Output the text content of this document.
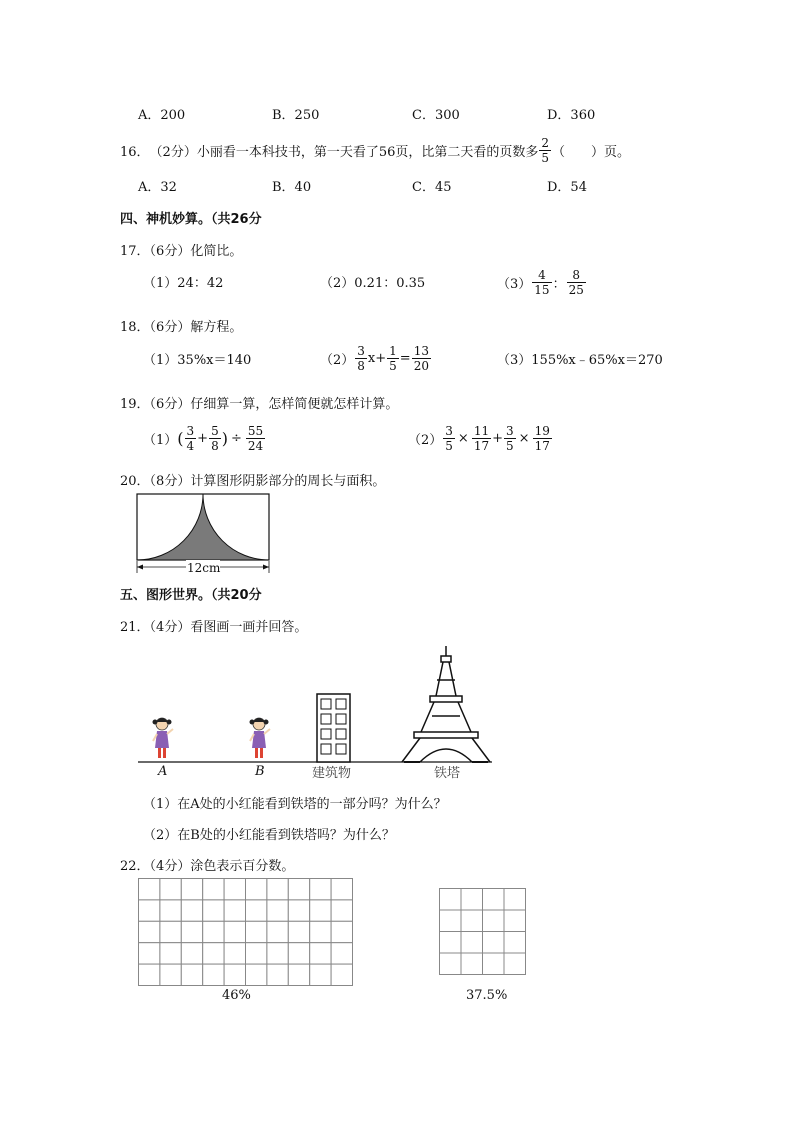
A．200	B．250	C．300	D．360
16． （2分） 小丽看一本科技书，第一天看了56页，比第二天看的页数多 $\frac{2}{5}$ （　　）页。
A．32	B．40	C．45	D．54
四、神机妙算。（共26分
17．（6分）化简比。
（1）24：42	（2）0.21：0.35	$(3) \frac{4}{15}$ ： $\frac{8}{25}$
18．（6分）解方程。
（1）35%x＝140	$(2) \frac{3}{8} x+ \frac{1}{5} = \frac{13}{20}$	（3）155%x﹣65%x＝270
19．（6分）仔细算一算，怎样简便就怎样计算。
（1） ( $\frac{3}{4} + \frac{5}{8}$ ) ÷ $\frac{55}{24}$	$(2) \frac{3}{5} \times \frac{11}{17} + \frac{3}{5} \times \frac{19}{17}$
20．（8分）计算图形阴影部分的周长与面积。
12cm
五、图形世界。（共20分
21．（4分）看图画一画并回答。
A	B	建筑物	铁塔
（1）在A处的小红能看到铁塔的一部分吗？为什么？
（2）在B处的小红能看到铁塔吗？为什么？
22．（4分）涂色表示百分数。
46%	37.5%
